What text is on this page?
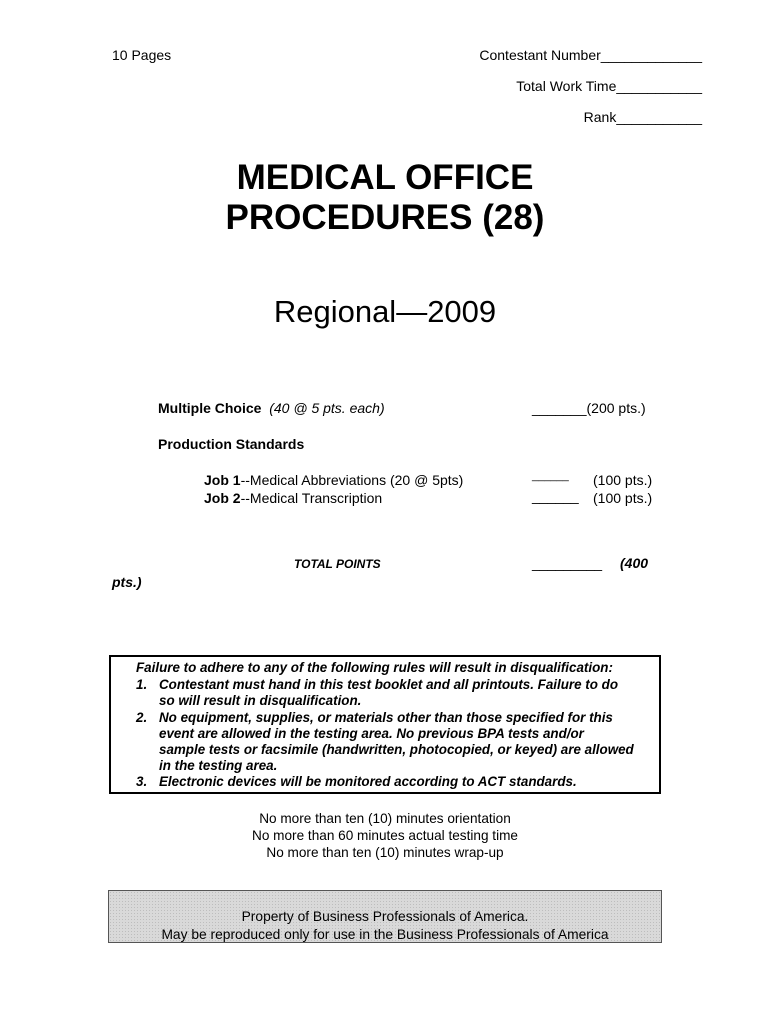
10 Pages	Contestant Number_____________
Total Work Time___________
Rank___________
MEDICAL OFFICE
PROCEDURES (28)
Regional—2009
Multiple Choice (40 @ 5 pts. each)	_______(200 pts.)
Production Standards
Job 1--Medical Abbreviations (20 @ 5pts)	______ (100 pts.)
Job 2--Medical Transcription	______ (100 pts.)
TOTAL POINTS	_________ (400
pts.)
Failure to adhere to any of the following rules will result in disqualification:
1. Contestant must hand in this test booklet and all printouts. Failure to do
so will result in disqualification.
2. No equipment, supplies, or materials other than those specified for this
event are allowed in the testing area. No previous BPA tests and/or
sample tests or facsimile (handwritten, photocopied, or keyed) are allowed
in the testing area.
3. Electronic devices will be monitored according to ACT standards.
No more than ten (10) minutes orientation
No more than 60 minutes actual testing time
No more than ten (10) minutes wrap-up
Property of Business Professionals of America.
May be reproduced only for use in the Business Professionals of America
